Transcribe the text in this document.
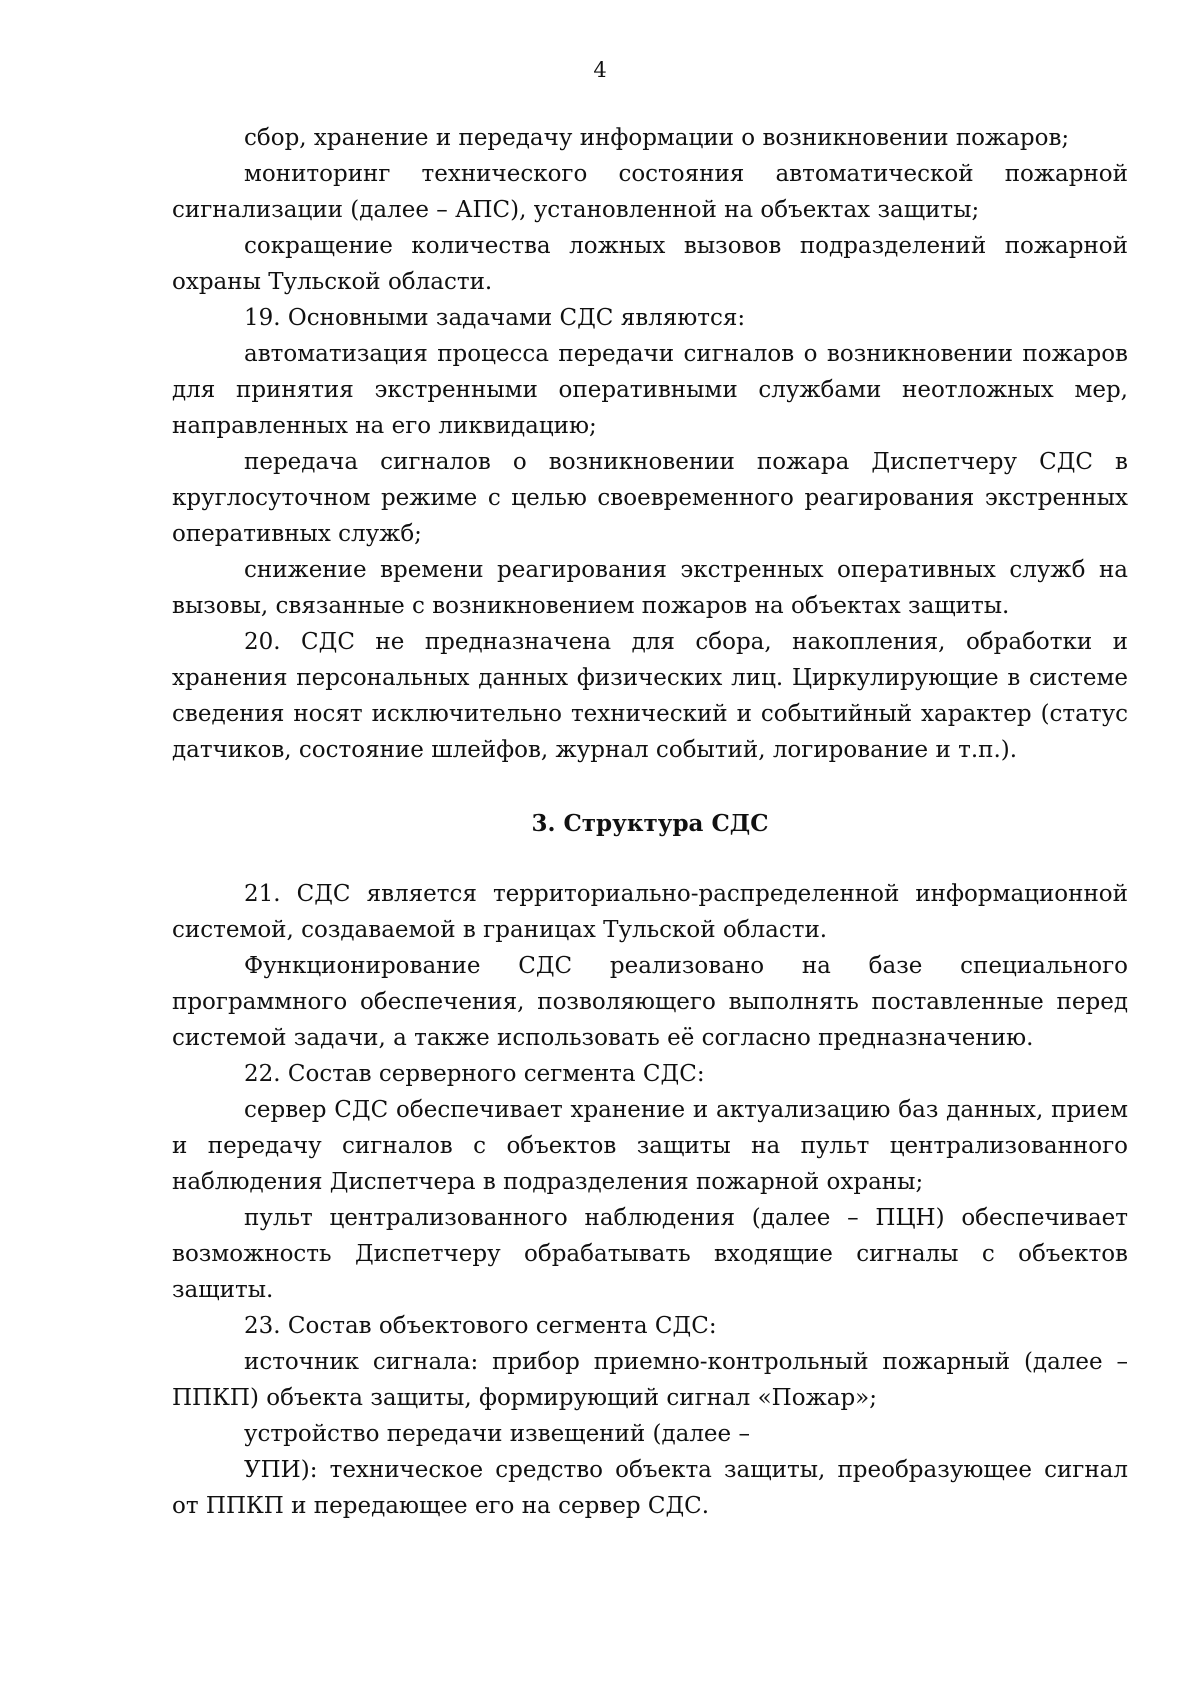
4

сбор, хранение и передачу информации о возникновении пожаров;

мониторинг технического состояния автоматической пожарной сигнализации (далее – АПС), установленной на объектах защиты;

сокращение количества ложных вызовов подразделений пожарной охраны Тульской области.

19. Основными задачами СДС являются:

автоматизация процесса передачи сигналов о возникновении пожаров для принятия экстренными оперативными службами неотложных мер, направленных на его ликвидацию;

передача сигналов о возникновении пожара Диспетчеру СДС в круглосуточном режиме с целью своевременного реагирования экстренных оперативных служб;

снижение времени реагирования экстренных оперативных служб на вызовы, связанные с возникновением пожаров на объектах защиты.

20. СДС не предназначена для сбора, накопления, обработки и хранения персональных данных физических лиц. Циркулирующие в системе сведения носят исключительно технический и событийный характер (статус датчиков, состояние шлейфов, журнал событий, логирование и т.п.).

3. Структура СДС

21. СДС является территориально-распределенной информационной системой, создаваемой в границах Тульской области.

Функционирование СДС реализовано на базе специального программного обеспечения, позволяющего выполнять поставленные перед системой задачи, а также использовать её согласно предназначению.

22. Состав серверного сегмента СДС:

сервер СДС обеспечивает хранение и актуализацию баз данных, прием и передачу сигналов с объектов защиты на пульт централизованного наблюдения Диспетчера в подразделения пожарной охраны;

пульт централизованного наблюдения (далее – ПЦН) обеспечивает возможность Диспетчеру обрабатывать входящие сигналы с объектов защиты.

23. Состав объектового сегмента СДС:

источник сигнала: прибор приемно-контрольный пожарный (далее – ППКП) объекта защиты, формирующий сигнал «Пожар»;

устройство передачи извещений (далее –

УПИ): техническое средство объекта защиты, преобразующее сигнал от ППКП и передающее его на сервер СДС.
